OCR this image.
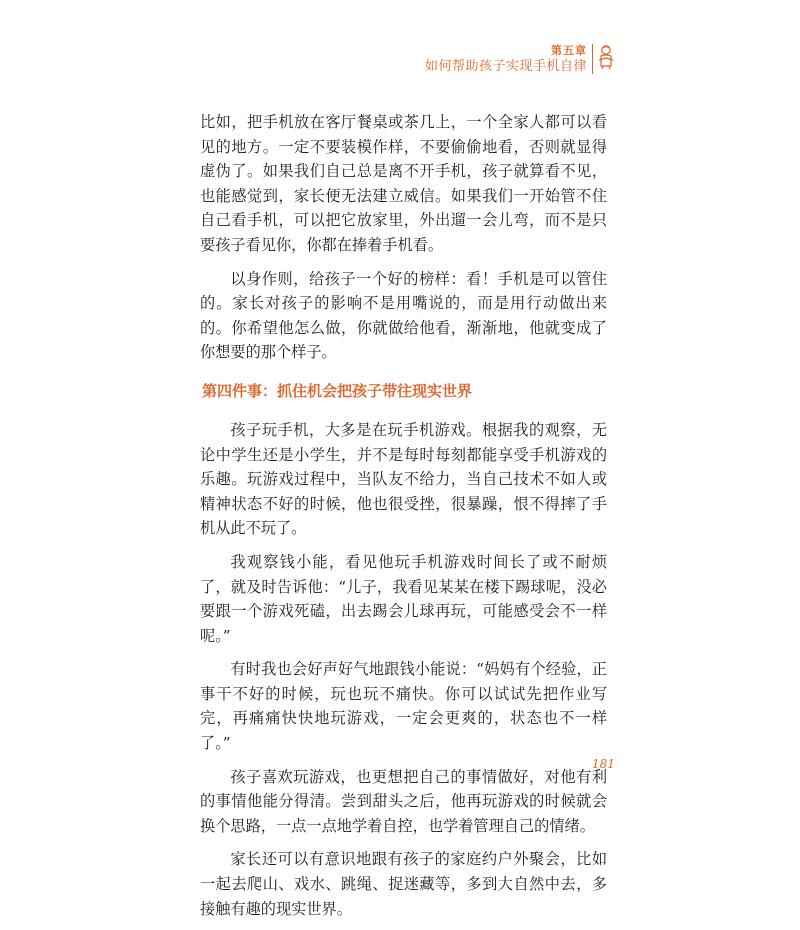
第五章
如何帮助孩子实现手机自律

比如，把手机放在客厅餐桌或茶几上，一个全家人都可以看见的地方。一定不要装模作样，不要偷偷地看，否则就显得虚伪了。如果我们自己总是离不开手机，孩子就算看不见，也能感觉到，家长便无法建立威信。如果我们一开始管不住自己看手机，可以把它放家里，外出遛一会儿弯，而不是只要孩子看见你，你都在捧着手机看。

以身作则，给孩子一个好的榜样：看！手机是可以管住的。家长对孩子的影响不是用嘴说的，而是用行动做出来的。你希望他怎么做，你就做给他看，渐渐地，他就变成了你想要的那个样子。

第四件事：抓住机会把孩子带往现实世界

孩子玩手机，大多是在玩手机游戏。根据我的观察，无论中学生还是小学生，并不是每时每刻都能享受手机游戏的乐趣。玩游戏过程中，当队友不给力，当自己技术不如人或精神状态不好的时候，他也很受挫，很暴躁，恨不得摔了手机从此不玩了。

我观察钱小能，看见他玩手机游戏时间长了或不耐烦了，就及时告诉他：“儿子，我看见某某在楼下踢球呢，没必要跟一个游戏死磕，出去踢会儿球再玩，可能感受会不一样呢。”

有时我也会好声好气地跟钱小能说：“妈妈有个经验，正事干不好的时候，玩也玩不痛快。你可以试试先把作业写完，再痛痛快快地玩游戏，一定会更爽的，状态也不一样了。”

孩子喜欢玩游戏，也更想把自己的事情做好，对他有利的事情他能分得清。尝到甜头之后，他再玩游戏的时候就会换个思路，一点一点地学着自控，也学着管理自己的情绪。

家长还可以有意识地跟有孩子的家庭约户外聚会，比如一起去爬山、戏水、跳绳、捉迷藏等，多到大自然中去，多接触有趣的现实世界。

181
